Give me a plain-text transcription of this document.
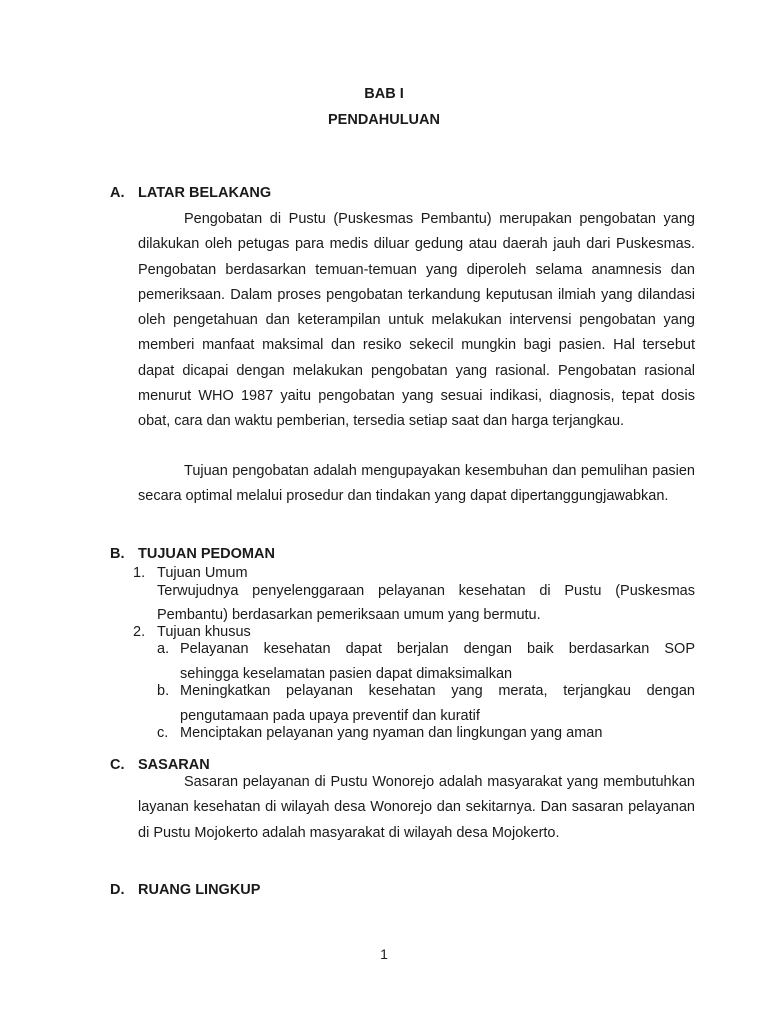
BAB I
PENDAHULUAN
A. LATAR BELAKANG

Pengobatan di Pustu (Puskesmas Pembantu) merupakan pengobatan yang dilakukan oleh petugas para medis diluar gedung atau daerah jauh dari Puskesmas. Pengobatan berdasarkan temuan-temuan yang diperoleh selama anamnesis dan pemeriksaan. Dalam proses pengobatan terkandung keputusan ilmiah yang dilandasi oleh pengetahuan dan keterampilan untuk melakukan intervensi pengobatan yang memberi manfaat maksimal dan resiko sekecil mungkin bagi pasien. Hal tersebut dapat dicapai dengan melakukan pengobatan yang rasional. Pengobatan rasional menurut WHO 1987 yaitu pengobatan yang sesuai indikasi, diagnosis, tepat dosis obat, cara dan waktu pemberian, tersedia setiap saat dan harga terjangkau.

Tujuan pengobatan adalah mengupayakan kesembuhan dan pemulihan pasien secara optimal melalui prosedur dan tindakan yang dapat dipertanggungjawabkan.

B. TUJUAN PEDOMAN
1. Tujuan Umum
Terwujudnya penyelenggaraan pelayanan kesehatan di Pustu (Puskesmas
Pembantu) berdasarkan pemeriksaan umum yang bermutu.
2. Tujuan khusus
a. Pelayanan kesehatan dapat berjalan dengan baik berdasarkan SOP
sehingga keselamatan pasien dapat dimaksimalkan
b. Meningkatkan pelayanan kesehatan yang merata, terjangkau dengan
pengutamaan pada upaya preventif dan kuratif
c. Menciptakan pelayanan yang nyaman dan lingkungan yang aman
C. SASARAN

Sasaran pelayanan di Pustu Wonorejo adalah masyarakat yang membutuhkan layanan kesehatan di wilayah desa Wonorejo dan sekitarnya. Dan sasaran pelayanan di Pustu Mojokerto adalah masyarakat di wilayah desa Mojokerto.

D. RUANG LINGKUP
1
